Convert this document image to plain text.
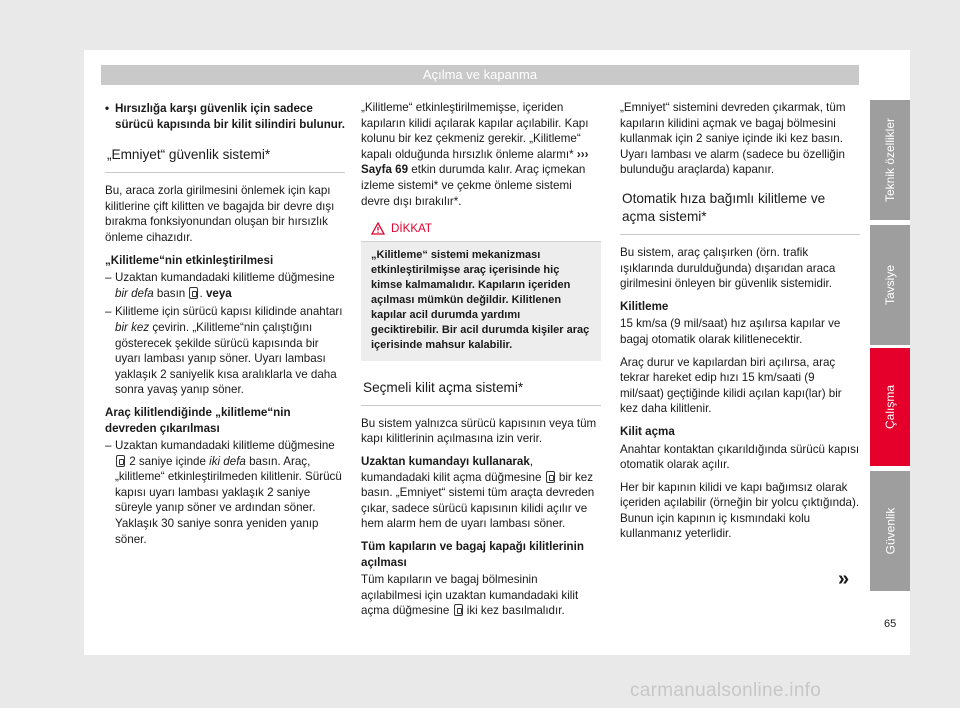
Açılma ve kapanma

• Hırsızlığa karşı güvenlik için sadece sürücü kapısında bir kilit silindiri bulunur.

„Emniyet“ güvenlik sistemi*

Bu, araca zorla girilmesini önlemek için kapı kilitlerine çift kilitten ve bagajda bir devre dışı bırakma fonksiyonundan oluşan bir hırsızlık önleme cihazıdır.

„Kilitleme“nin etkinleştirilmesi

– Uzaktan kumandadaki kilitleme düğmesine bir defa basın . veya
– Kilitleme için sürücü kapısı kilidinde anahtarı bir kez çevirin. „Kilitleme“nin çalıştığını gösterecek şekilde sürücü kapısında bir uyarı lambası yanıp söner. Uyarı lambası yaklaşık 2 saniyelik kısa aralıklarla ve daha sonra yavaş yanıp söner.

Araç kilitlendiğinde „kilitleme“nin devreden çıkarılması

– Uzaktan kumandadaki kilitleme düğmesine  2 saniye içinde iki defa basın. Araç, „kilitleme“ etkinleştirilmeden kilitlenir. Sürücü kapısı uyarı lambası yaklaşık 2 saniye süreyle yanıp söner ve ardından söner. Yaklaşık 30 saniye sonra yeniden yanıp söner.

„Kilitleme“ etkinleştirilmemişse, içeriden kapıların kilidi açılarak kapılar açılabilir. Kapı kolunu bir kez çekmeniz gerekir. „Kilitleme“ kapalı olduğunda hırsızlık önleme alarmı* ››› Sayfa 69 etkin durumda kalır. Araç içmekan izleme sistemi* ve çekme önleme sistemi devre dışı bırakılır*.

DİKKAT
„Kilitleme“ sistemi mekanizması etkinleştirilmişse araç içerisinde hiç kimse kalmamalıdır. Kapıların içeriden açılması mümkün değildir. Kilitlenen kapılar acil durumda yardımı geciktirebilir. Bir acil durumda kişiler araç içerisinde mahsur kalabilir.
Seçmeli kilit açma sistemi*

Bu sistem yalnızca sürücü kapısının veya tüm kapı kilitlerinin açılmasına izin verir.

Uzaktan kumandayı kullanarak, kumandadaki kilit açma düğmesine  bir kez basın. „Emniyet“ sistemi tüm araçta devreden çıkar, sadece sürücü kapısının kilidi açılır ve hem alarm hem de uyarı lambası söner.

Tüm kapıların ve bagaj kapağı kilitlerinin açılması

Tüm kapıların ve bagaj bölmesinin açılabilmesi için uzaktan kumandadaki kilit açma düğmesine  iki kez basılmalıdır.

„Emniyet“ sistemini devreden çıkarmak, tüm kapıların kilidini açmak ve bagaj bölmesini kullanmak için 2 saniye içinde iki kez basın. Uyarı lambası ve alarm (sadece bu özelliğin bulunduğu araçlarda) kapanır.

Otomatik hıza bağımlı kilitleme ve açma sistemi*

Bu sistem, araç çalışırken (örn. trafik ışıklarında durulduğunda) dışarıdan araca girilmesini önleyen bir güvenlik sistemidir.

Kilitleme

15 km/sa (9 mil/saat) hız aşılırsa kapılar ve bagaj otomatik olarak kilitlenecektir.

Araç durur ve kapılardan biri açılırsa, araç tekrar hareket edip hızı 15 km/saati (9 mil/saat) geçtiğinde kilidi açılan kapı(lar) bir kez daha kilitlenir.

Kilit açma

Anahtar kontaktan çıkarıldığında sürücü kapısı otomatik olarak açılır.

Her bir kapının kilidi ve kapı bağımsız olarak içeriden açılabilir (örneğin bir yolcu çıktığında). Bunun için kapının iç kısmındaki kolu kullanmanız yeterlidir.

Teknik özellikler
Tavsiye
Çalışma
Güvenlik
»
65
carmanualsonline.info
